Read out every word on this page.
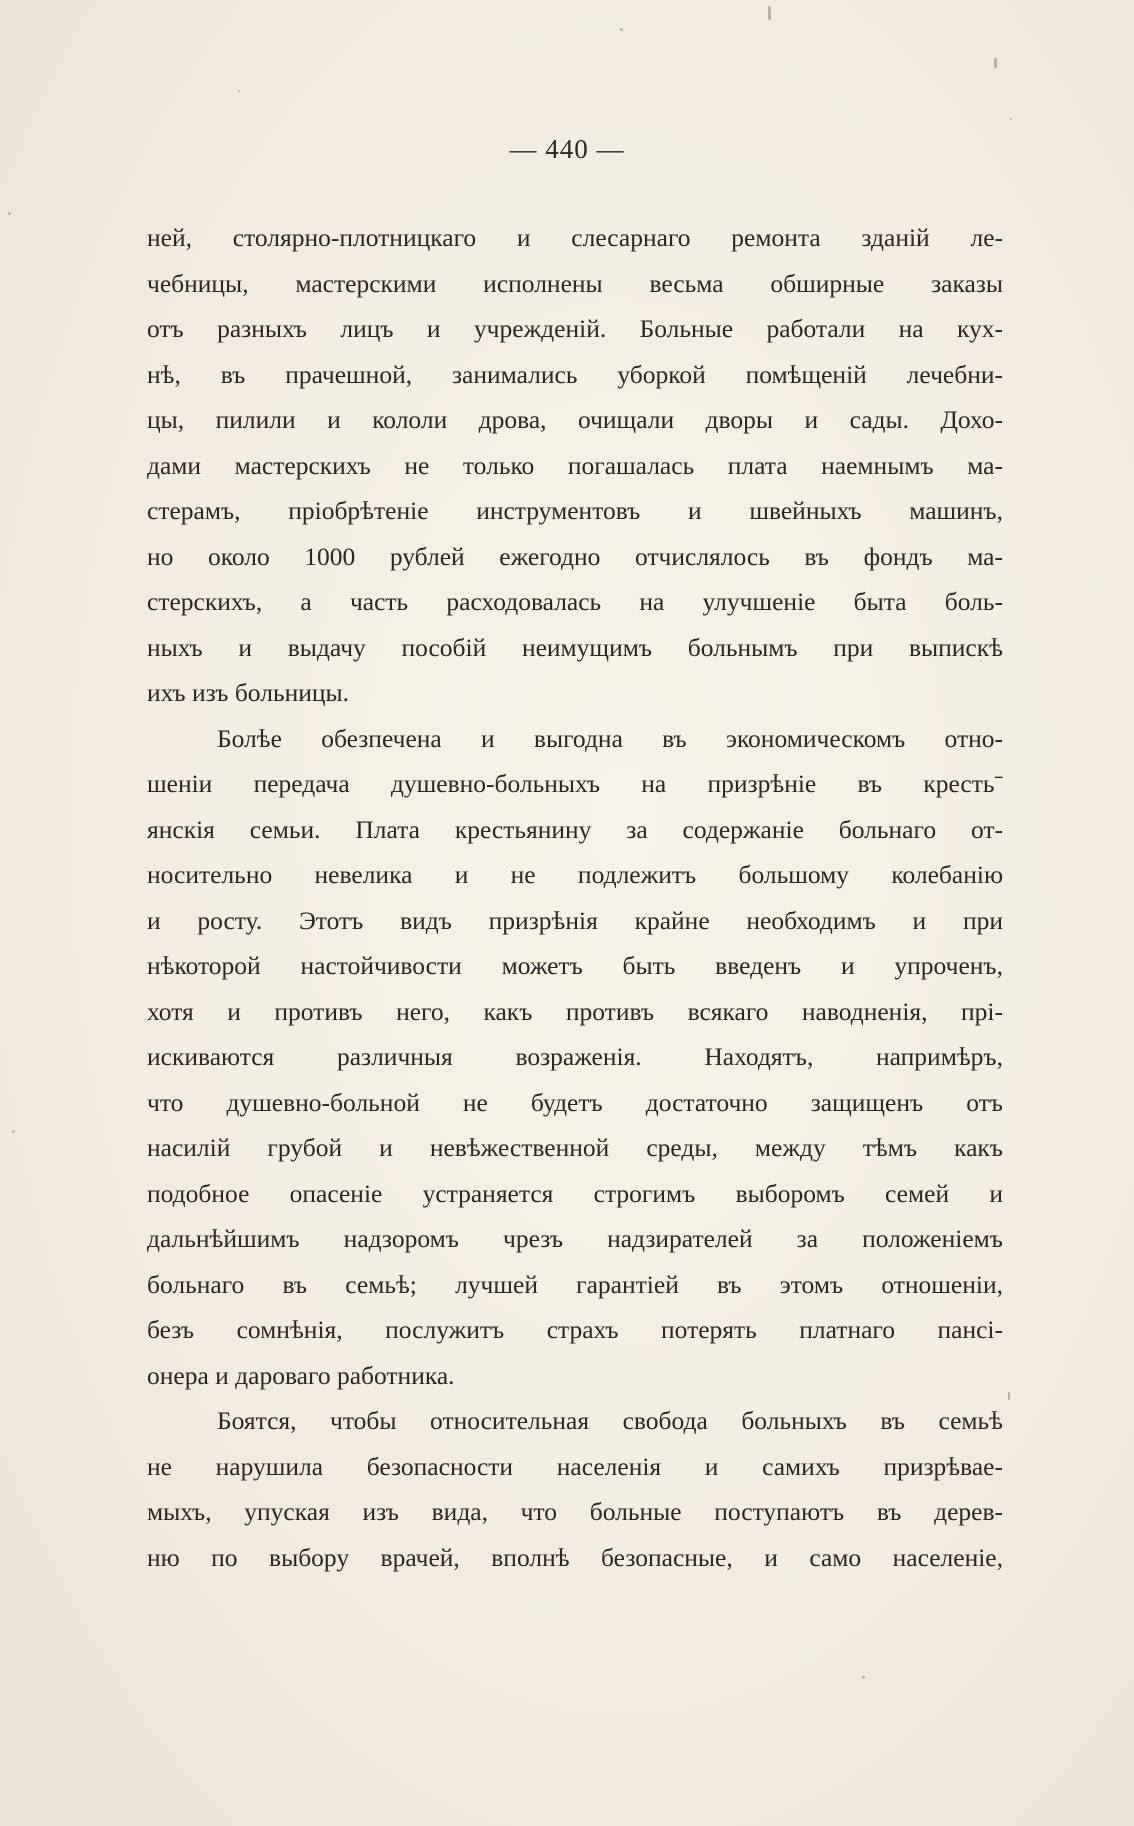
— 440 —
ней, столярно-плотницкаго и слесарнаго ремонта зданій ле-
чебницы, мастерскими исполнены весьма обширные заказы
отъ разныхъ лицъ и учрежденій. Больные работали на кух-
нѣ, въ прачешной, занимались уборкой помѣщеній лечебни-
цы, пилили и кололи дрова, очищали дворы и сады. Дохо-
дами мастерскихъ не только погашалась плата наемнымъ ма-
стерамъ, пріобрѣтеніе инструментовъ и швейныхъ машинъ,
но около 1000 рублей ежегодно отчислялось въ фондъ ма-
стерскихъ, а часть расходовалась на улучшеніе быта боль-
ныхъ и выдачу пособій неимущимъ больнымъ при выпискѣ
ихъ изъ больницы.
Болѣе обезпечена и выгодна въ экономическомъ отно-
шеніи передача душевно-больныхъ на призрѣніе въ крестьˉ
янскія семьи. Плата крестьянину за содержаніе больнаго от-
носительно невелика и не подлежитъ большому колебанію
и росту. Этотъ видъ призрѣнія крайне необходимъ и при
нѣкоторой настойчивости можетъ быть введенъ и упроченъ,
хотя и противъ него, какъ противъ всякаго наводненія, прі-
искиваются различныя возраженія. Находятъ, напримѣръ,
что душевно-больной не будетъ достаточно защищенъ отъ
насилій грубой и невѣжественной среды, между тѣмъ какъ
подобное опасеніе устраняется строгимъ выборомъ семей и
дальнѣйшимъ надзоромъ чрезъ надзирателей за положеніемъ
больнаго въ семьѣ; лучшей гарантіей въ этомъ отношеніи,
безъ сомнѣнія, послужитъ страхъ потерять платнаго пансі-
онера и дароваго работника.
Боятся, чтобы относительная свобода больныхъ въ семьѣ
не нарушила безопасности населенія и самихъ призрѣвае-
мыхъ, упуская изъ вида, что больные поступаютъ въ дерев-
ню по выбору врачей, вполнѣ безопасные, и само населеніе,
